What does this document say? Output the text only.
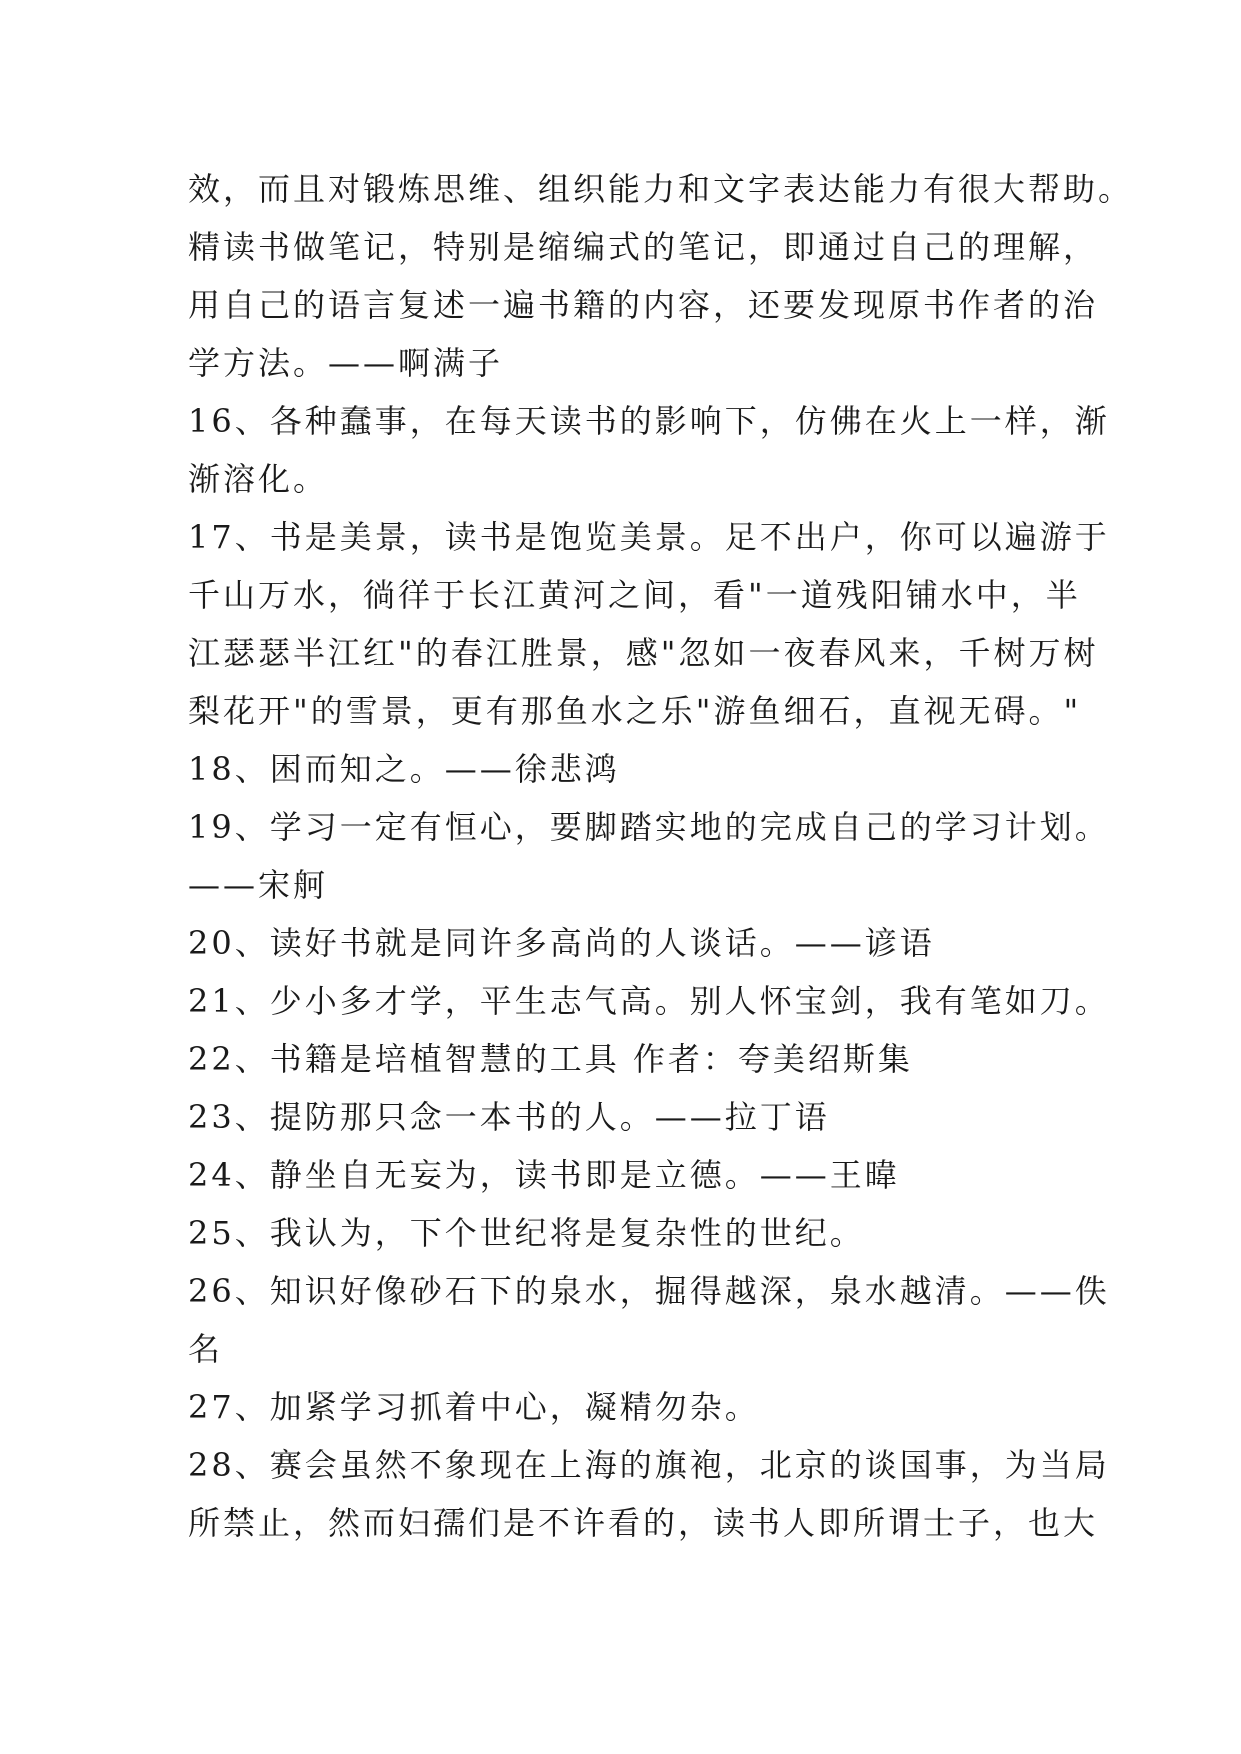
效，而且对锻炼思维、组织能力和文字表达能力有很大帮助。
精读书做笔记，特别是缩编式的笔记，即通过自己的理解，
用自己的语言复述一遍书籍的内容，还要发现原书作者的治
学方法。——啊满子
16、各种蠢事，在每天读书的影响下，仿佛在火上一样，渐
渐溶化。
17、书是美景，读书是饱览美景。足不出户，你可以遍游于
千山万水，徜徉于长江黄河之间，看"一道残阳铺水中，半
江瑟瑟半江红"的春江胜景，感"忽如一夜春风来，千树万树
梨花开"的雪景，更有那鱼水之乐"游鱼细石，直视无碍。"
18、困而知之。——徐悲鸿
19、学习一定有恒心，要脚踏实地的完成自己的学习计划。
——宋舸
20、读好书就是同许多高尚的人谈话。——谚语
21、少小多才学，平生志气高。别人怀宝剑，我有笔如刀。
22、书籍是培植智慧的工具 作者：夸美绍斯集
23、提防那只念一本书的人。——拉丁语
24、静坐自无妄为，读书即是立德。——王暐
25、我认为，下个世纪将是复杂性的世纪。
26、知识好像砂石下的泉水，掘得越深，泉水越清。——佚
名
27、加紧学习抓着中心，凝精勿杂。
28、赛会虽然不象现在上海的旗袍，北京的谈国事，为当局
所禁止，然而妇孺们是不许看的，读书人即所谓士子，也大
